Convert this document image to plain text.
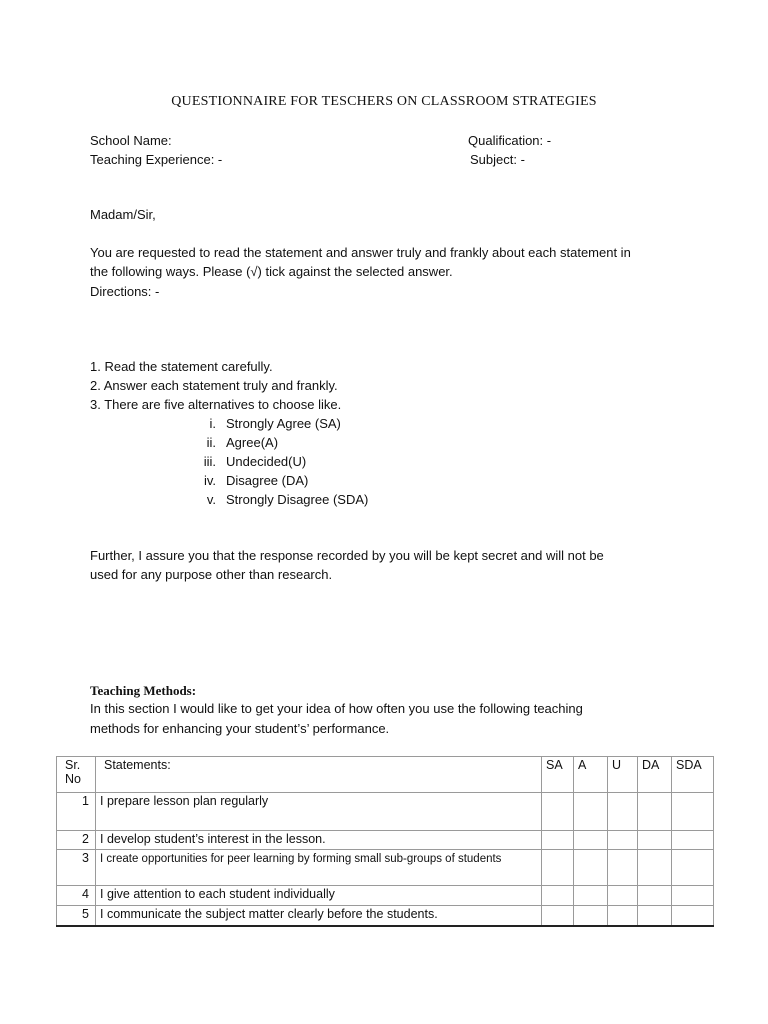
QUESTIONNAIRE FOR TESCHERS ON CLASSROOM STRATEGIES
School Name:	Qualification: -
Teaching Experience: -	Subject: -
Madam/Sir,
You are requested to read the statement and answer truly and frankly about each statement in
the following ways. Please (√) tick against the selected answer.
Directions: -
1. Read the statement carefully.
2. Answer each statement truly and frankly.
3. There are five alternatives to choose like.
i. Strongly Agree (SA)
ii. Agree(A)
iii. Undecided(U)
iv. Disagree (DA)
v. Strongly Disagree (SDA)
Further, I assure you that the response recorded by you will be kept secret and will not be
used for any purpose other than research.
Teaching Methods:
In this section I would like to get your idea of how often you use the following teaching
methods for enhancing your student’s’ performance.
Sr.
No	Statements:	SA	A	U	DA	SDA
1	I prepare lesson plan regularly					
2	I develop student’s interest in the lesson.					
3	I create opportunities for peer learning by forming small sub-groups of students					
4	I give attention to each student individually					
5	I communicate the subject matter clearly before the students.					
